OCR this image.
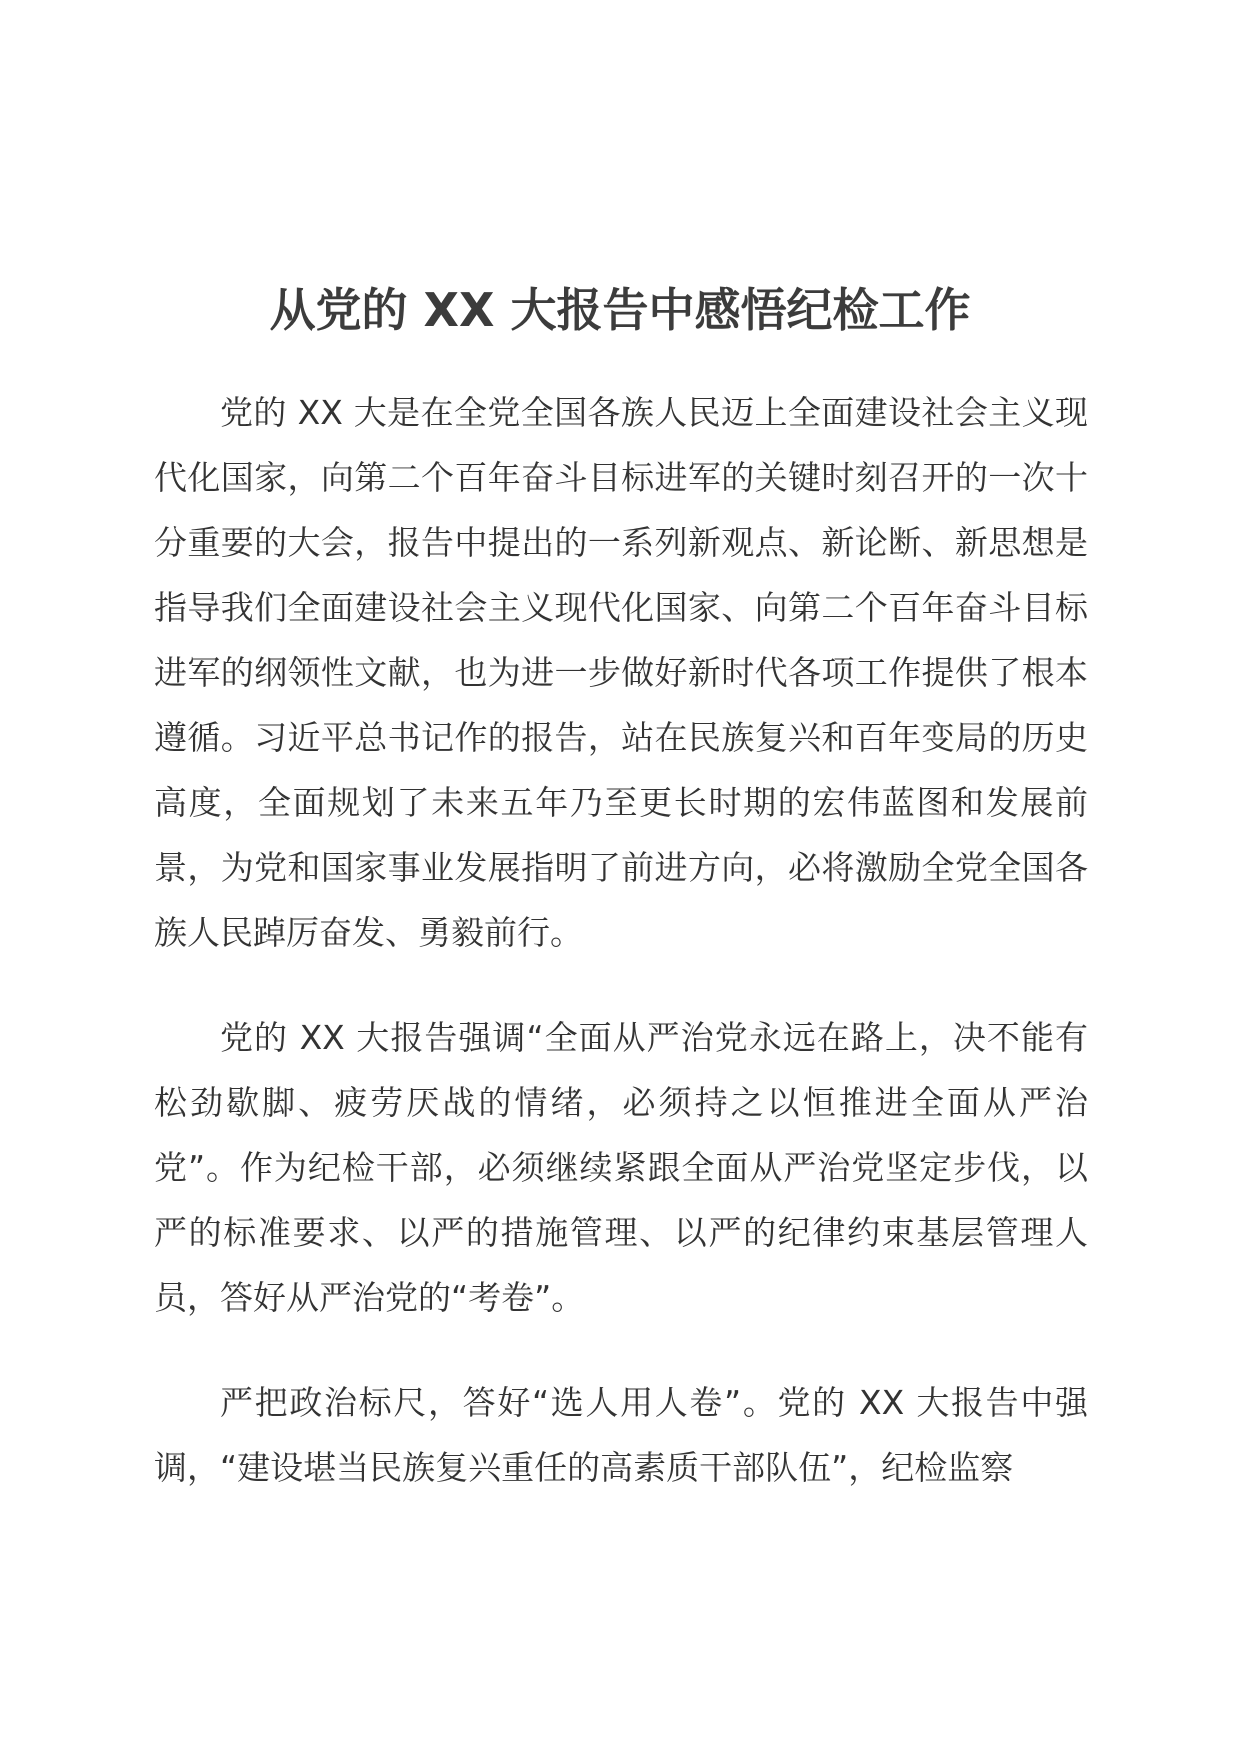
从党的 XX 大报告中感悟纪检工作

党的 XX 大是在全党全国各族人民迈上全面建设社会主义现代化国家，向第二个百年奋斗目标进军的关键时刻召开的一次十分重要的大会，报告中提出的一系列新观点、新论断、新思想是指导我们全面建设社会主义现代化国家、向第二个百年奋斗目标进军的纲领性文献，也为进一步做好新时代各项工作提供了根本遵循。习近平总书记作的报告，站在民族复兴和百年变局的历史高度，全面规划了未来五年乃至更长时期的宏伟蓝图和发展前景，为党和国家事业发展指明了前进方向，必将激励全党全国各族人民踔厉奋发、勇毅前行。

党的 XX 大报告强调“全面从严治党永远在路上，决不能有松劲歇脚、疲劳厌战的情绪，必须持之以恒推进全面从严治党”。作为纪检干部，必须继续紧跟全面从严治党坚定步伐，以严的标准要求、以严的措施管理、以严的纪律约束基层管理人员，答好从严治党的“考卷”。

严把政治标尺，答好“选人用人卷”。党的 XX 大报告中强调，“建设堪当民族复兴重任的高素质干部队伍”，纪检监察
